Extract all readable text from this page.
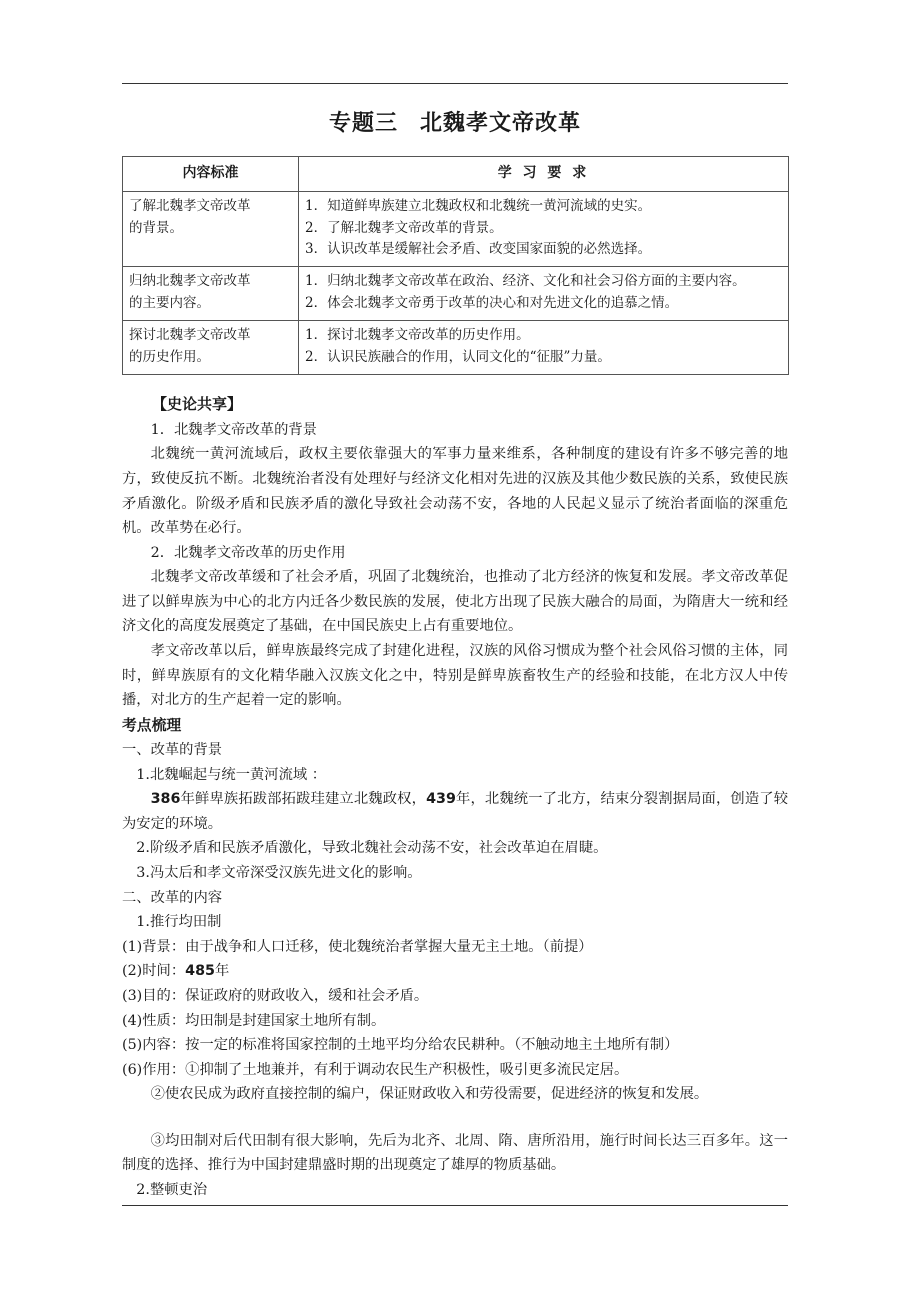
专题三 北魏孝文帝改革
内容标准	学 习 要 求

了解北魏孝文帝改革
的背景。	1．知道鲜卑族建立北魏政权和北魏统一黄河流域的史实。
2．了解北魏孝文帝改革的背景。
3．认识改革是缓解社会矛盾、改变国家面貌的必然选择。

归纳北魏孝文帝改革
的主要内容。	1．归纳北魏孝文帝改革在政治、经济、文化和社会习俗方面的主要内容。
2．体会北魏孝文帝勇于改革的决心和对先进文化的追慕之情。

探讨北魏孝文帝改革
的历史作用。	1．探讨北魏孝文帝改革的历史作用。
2．认识民族融合的作用，认同文化的“征服”力量。

【史论共享】

1．北魏孝文帝改革的背景

北魏统一黄河流域后，政权主要依靠强大的军事力量来维系，各种制度的建设有许多不够完善的地方，致使反抗不断。北魏统治者没有处理好与经济文化相对先进的汉族及其他少数民族的关系，致使民族矛盾激化。阶级矛盾和民族矛盾的激化导致社会动荡不安，各地的人民起义显示了统治者面临的深重危机。改革势在必行。

2．北魏孝文帝改革的历史作用

北魏孝文帝改革缓和了社会矛盾，巩固了北魏统治，也推动了北方经济的恢复和发展。孝文帝改革促进了以鲜卑族为中心的北方内迁各少数民族的发展，使北方出现了民族大融合的局面，为隋唐大一统和经济文化的高度发展奠定了基础，在中国民族史上占有重要地位。

孝文帝改革以后，鲜卑族最终完成了封建化进程，汉族的风俗习惯成为整个社会风俗习惯的主体，同时，鲜卑族原有的文化精华融入汉族文化之中，特别是鲜卑族畜牧生产的经验和技能，在北方汉人中传播，对北方的生产起着一定的影响。

考点梳理

一、改革的背景

1.北魏崛起与统一黄河流域 ：

386年鲜卑族拓跋部拓跋珪建立北魏政权，439年，北魏统一了北方，结束分裂割据局面，创造了较为安定的环境。

2.阶级矛盾和民族矛盾激化，导致北魏社会动荡不安，社会改革迫在眉睫。

3.冯太后和孝文帝深受汉族先进文化的影响。

二、改革的内容

1.推行均田制

(1)背景：由于战争和人口迁移，使北魏统治者掌握大量无主土地。（前提）

(2)时间：485年

(3)目的：保证政府的财政收入，缓和社会矛盾。

(4)性质：均田制是封建国家土地所有制。

(5)内容：按一定的标准将国家控制的土地平均分给农民耕种。（不触动地主土地所有制）

(6)作用：①抑制了土地兼并，有利于调动农民生产积极性，吸引更多流民定居。

②使农民成为政府直接控制的编户，保证财政收入和劳役需要，促进经济的恢复和发展。

③均田制对后代田制有很大影响，先后为北齐、北周、隋、唐所沿用，施行时间长达三百多年。这一制度的选择、推行为中国封建鼎盛时期的出现奠定了雄厚的物质基础。

2.整顿吏治
